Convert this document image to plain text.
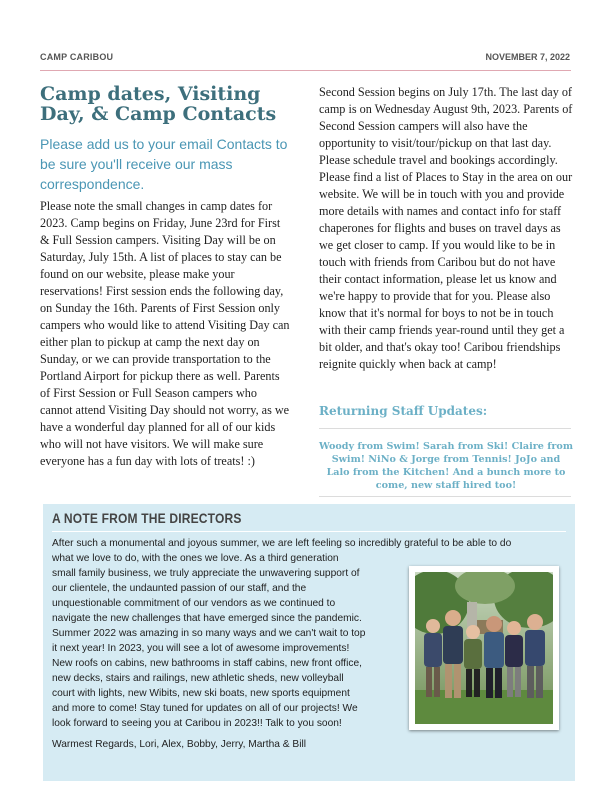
CAMP CARIBOU	NOVEMBER 7, 2022
Camp dates, Visiting Day, & Camp Contacts
Please add us to your email Contacts to be sure you'll receive our mass correspondence.
Please note the small changes in camp dates for 2023. Camp begins on Friday, June 23rd for First & Full Session campers. Visiting Day will be on Saturday, July 15th. A list of places to stay can be found on our website, please make your reservations! First session ends the following day, on Sunday the 16th. Parents of First Session only campers who would like to attend Visiting Day can either plan to pickup at camp the next day on Sunday, or we can provide transportation to the Portland Airport for pickup there as well. Parents of First Session or Full Season campers who cannot attend Visiting Day should not worry, as we have a wonderful day planned for all of our kids who will not have visitors. We will make sure everyone has a fun day with lots of treats! :)
Second Session begins on July 17th. The last day of camp is on Wednesday August 9th, 2023. Parents of Second Session campers will also have the opportunity to visit/tour/pickup on that last day. Please schedule travel and bookings accordingly. Please find a list of Places to Stay in the area on our website. We will be in touch with you and provide more details with names and contact info for staff chaperones for flights and buses on travel days as we get closer to camp. If you would like to be in touch with friends from Caribou but do not have their contact information, please let us know and we're happy to provide that for you. Please also know that it's normal for boys to not be in touch with their camp friends year-round until they get a bit older, and that's okay too! Caribou friendships reignite quickly when back at camp!
Returning Staff Updates:
Woody from Swim! Sarah from Ski! Claire from Swim! NiNo & Jorge from Tennis! JoJo and Lalo from the Kitchen! And a bunch more to come, new staff hired too!
A NOTE FROM THE DIRECTORS
After such a monumental and joyous summer, we are left feeling so incredibly grateful to be able to do
what we love to do, with the ones we love. As a third generation
small family business, we truly appreciate the unwavering support of
our clientele, the undaunted passion of our staff, and the
unquestionable commitment of our vendors as we continued to
navigate the new challenges that have emerged since the pandemic.
Summer 2022 was amazing in so many ways and we can't wait to top
it next year! In 2023, you will see a lot of awesome improvements!
New roofs on cabins, new bathrooms in staff cabins, new front office,
new decks, stairs and railings, new athletic sheds, new volleyball
court with lights, new Wibits, new ski boats, new sports equipment
and more to come! Stay tuned for updates on all of our projects! We
look forward to seeing you at Caribou in 2023!! Talk to you soon!
Warmest Regards, Lori, Alex, Bobby, Jerry, Martha & Bill
